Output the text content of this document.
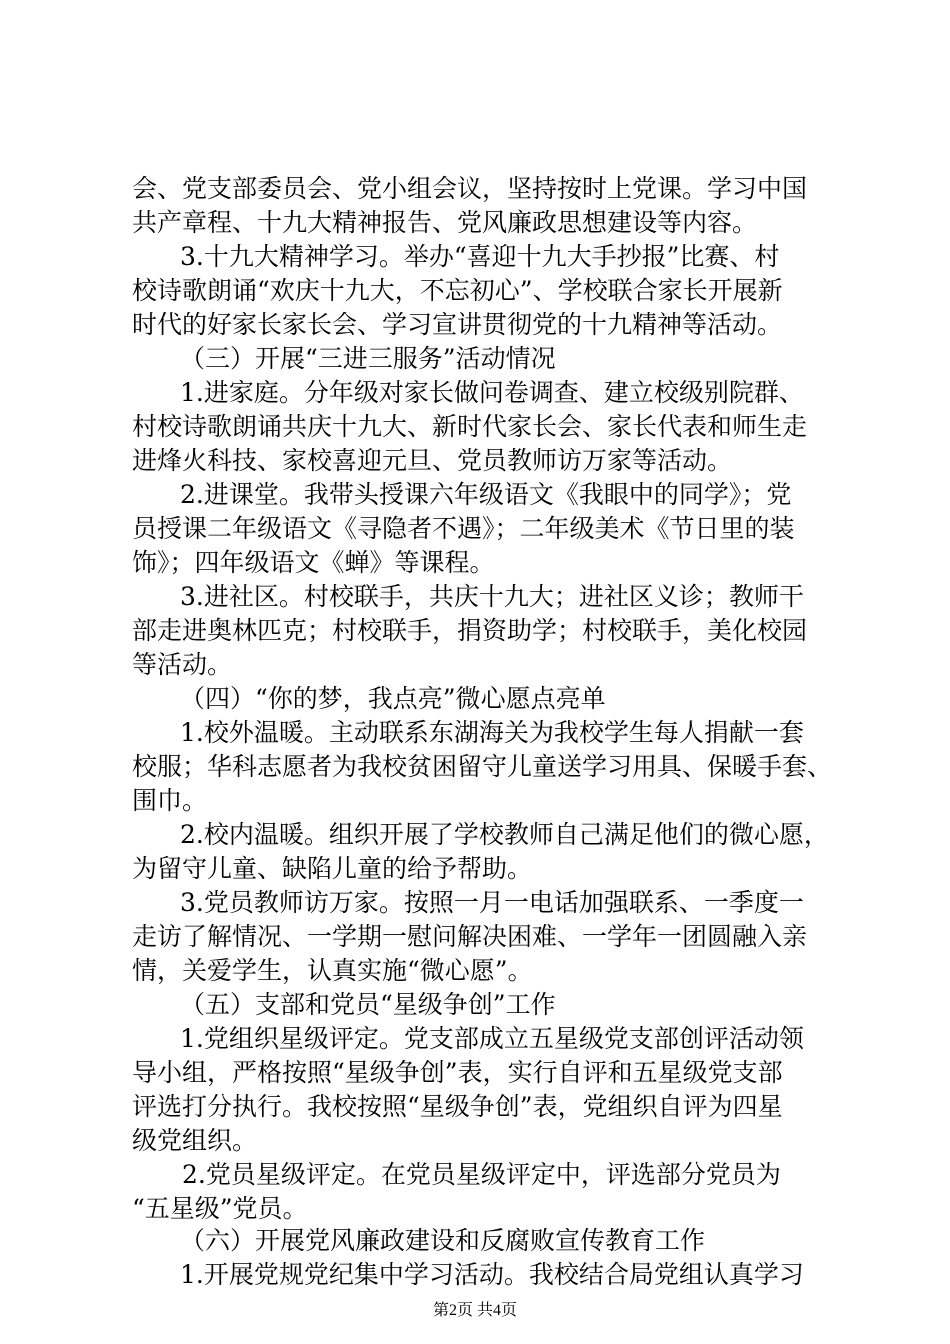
会、党支部委员会、党小组会议，坚持按时上党课。学习中国
共产章程、十九大精神报告、党风廉政思想建设等内容。
3.十九大精神学习。举办“喜迎十九大手抄报”比赛、村
校诗歌朗诵“欢庆十九大，不忘初心”、学校联合家长开展新
时代的好家长家长会、学习宣讲贯彻党的十九精神等活动。
（三）开展“三进三服务”活动情况
1.进家庭。分年级对家长做问卷调查、建立校级别院群、
村校诗歌朗诵共庆十九大、新时代家长会、家长代表和师生走
进烽火科技、家校喜迎元旦、党员教师访万家等活动。
2.进课堂。我带头授课六年级语文《我眼中的同学》；党
员授课二年级语文《寻隐者不遇》；二年级美术《节日里的装
饰》；四年级语文《蝉》等课程。
3.进社区。村校联手，共庆十九大；进社区义诊；教师干
部走进奥林匹克；村校联手，捐资助学；村校联手，美化校园
等活动。
（四）“你的梦，我点亮”微心愿点亮单
1.校外温暖。主动联系东湖海关为我校学生每人捐献一套
校服；华科志愿者为我校贫困留守儿童送学习用具、保暖手套、
围巾。
2.校内温暖。组织开展了学校教师自己满足他们的微心愿，
为留守儿童、缺陷儿童的给予帮助。
3.党员教师访万家。按照一月一电话加强联系、一季度一
走访了解情况、一学期一慰问解决困难、一学年一团圆融入亲
情，关爱学生，认真实施“微心愿”。
（五）支部和党员“星级争创”工作
1.党组织星级评定。党支部成立五星级党支部创评活动领
导小组，严格按照“星级争创”表，实行自评和五星级党支部
评选打分执行。我校按照“星级争创”表，党组织自评为四星
级党组织。
2.党员星级评定。在党员星级评定中，评选部分党员为
“五星级”党员。
（六）开展党风廉政建设和反腐败宣传教育工作
1.开展党规党纪集中学习活动。我校结合局党组认真学习
第2页 共4页
